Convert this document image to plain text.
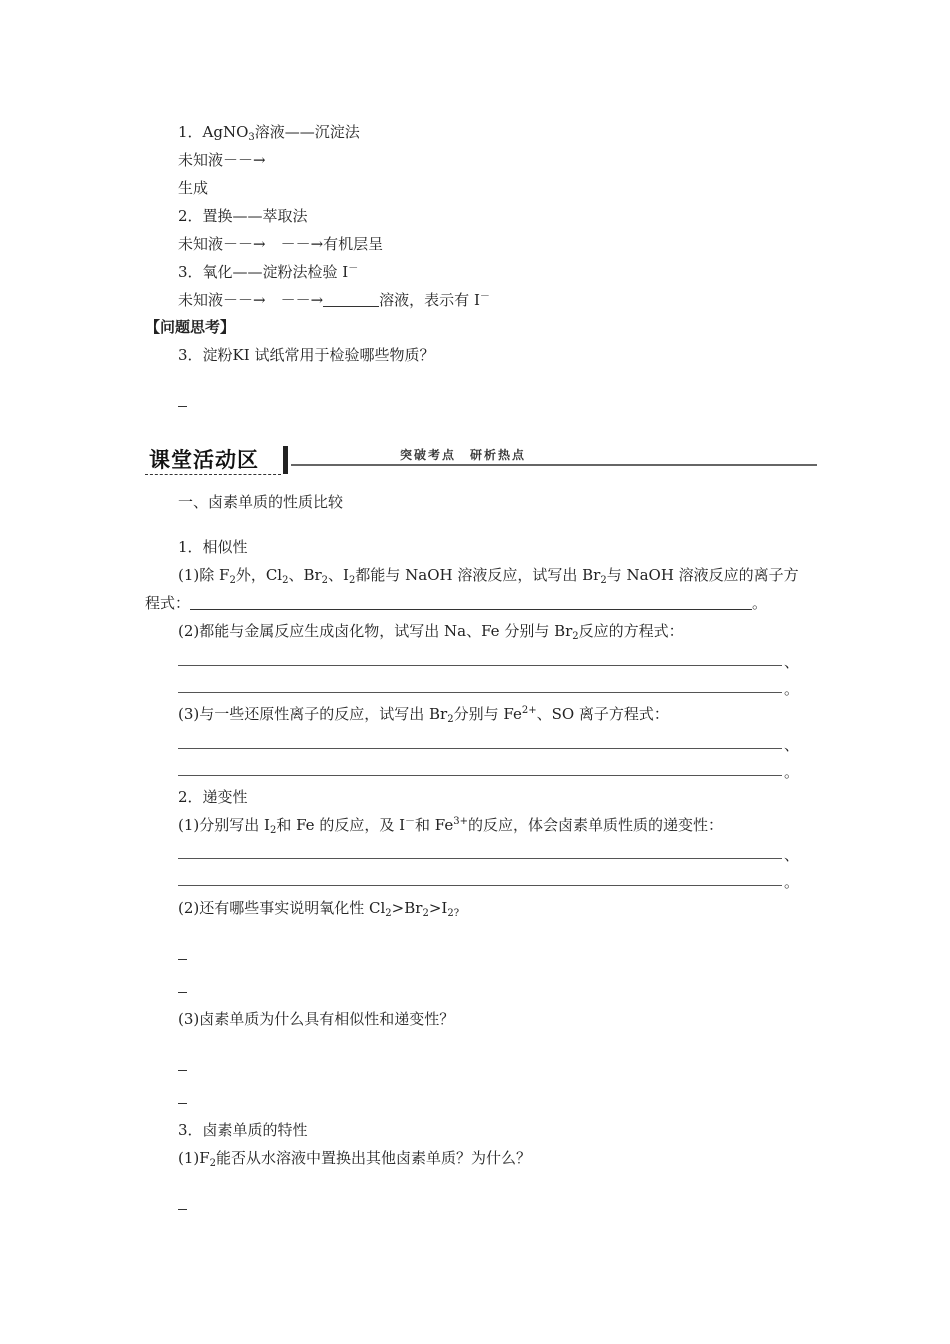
1．AgNO$_3$溶液——沉淀法
未知液－－→
生成
2．置换——萃取法
未知液－－→　 －－→有机层呈
3．氧化——淀粉法检验 I－
未知液－－→　 －－→	溶液，表示有 I－
【问题思考】
3．淀粉KI 试纸常用于检验哪些物质？
课堂活动区	突破考点　研析热点
一、卤素单质的性质比较
1．相似性
(1)除 $F_2$外，$Cl_2$、$Br_2$、$I_2$都能与 NaOH 溶液反应，试写出 $Br_2$与 NaOH 溶液反应的离子方
程式：	。
(2)都能与金属反应生成卤化物，试写出 Na、Fe 分别与 $Br_2$反应的方程式：
、
。
(3)与一些还原性离子的反应，试写出 $Br_2$分别与 $Fe^{2+}$、SO 离子方程式：
、
。
2．递变性
(1)分别写出 $I_2$和 Fe 的反应，及 I－和 $Fe^{3+}$的反应，体会卤素单质性质的递变性：
、
。
(2)还有哪些事实说明氧化性 $Cl_2>Br_2>I_{2?}$
(3)卤素单质为什么具有相似性和递变性？
3．卤素单质的特性
$(1)F_2$能否从水溶液中置换出其他卤素单质？为什么？
